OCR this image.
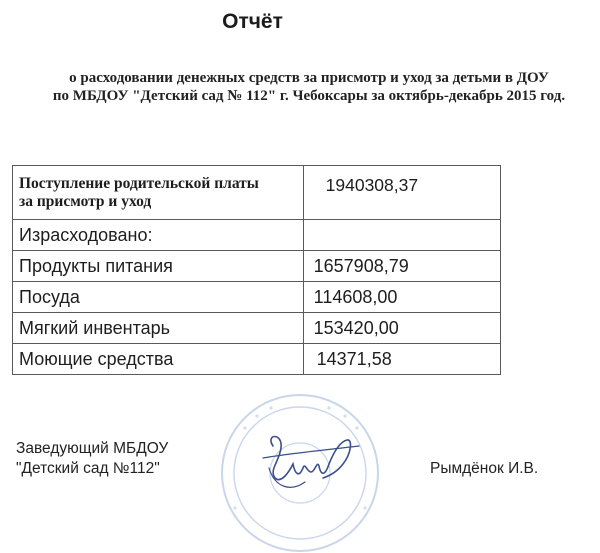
Отчёт
о расходовании денежных средств за присмотр и уход за детьми в ДОУ
по МБДОУ "Детский сад № 112" г. Чебоксары за октябрь-декабрь 2015 год.
Поступление родительской платы
за присмотр и уход	1940308,37
Израсходовано:	
Продукты питания	1657908,79
Посуда	114608,00
Мягкий инвентарь	153420,00
Моющие средства	14371,58
Заведующий МБДОУ
"Детский сад №112"	Рымдёнок И.В.
